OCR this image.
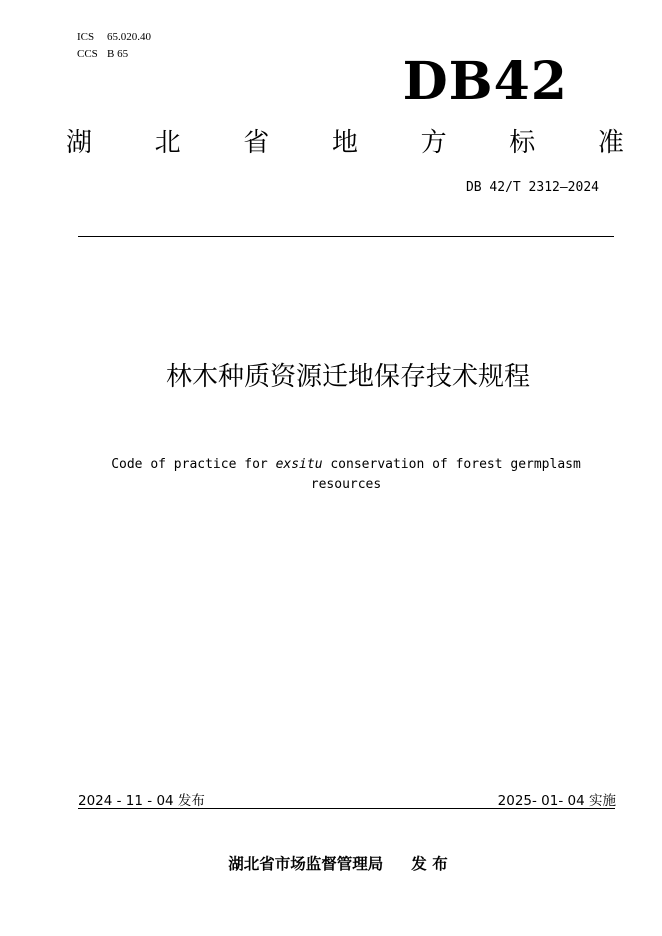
ICS 65.020.40
CCS B 65	DB42
湖 北 省 地 方 标 准
DB 42/T 2312—2024
林木种质资源迁地保存技术规程
Code of practice for exsitu conservation of forest germplasm resources
2024 - 11 - 04 发布	2025- 01- 04 实施
湖北省市场监督管理局 发 布
